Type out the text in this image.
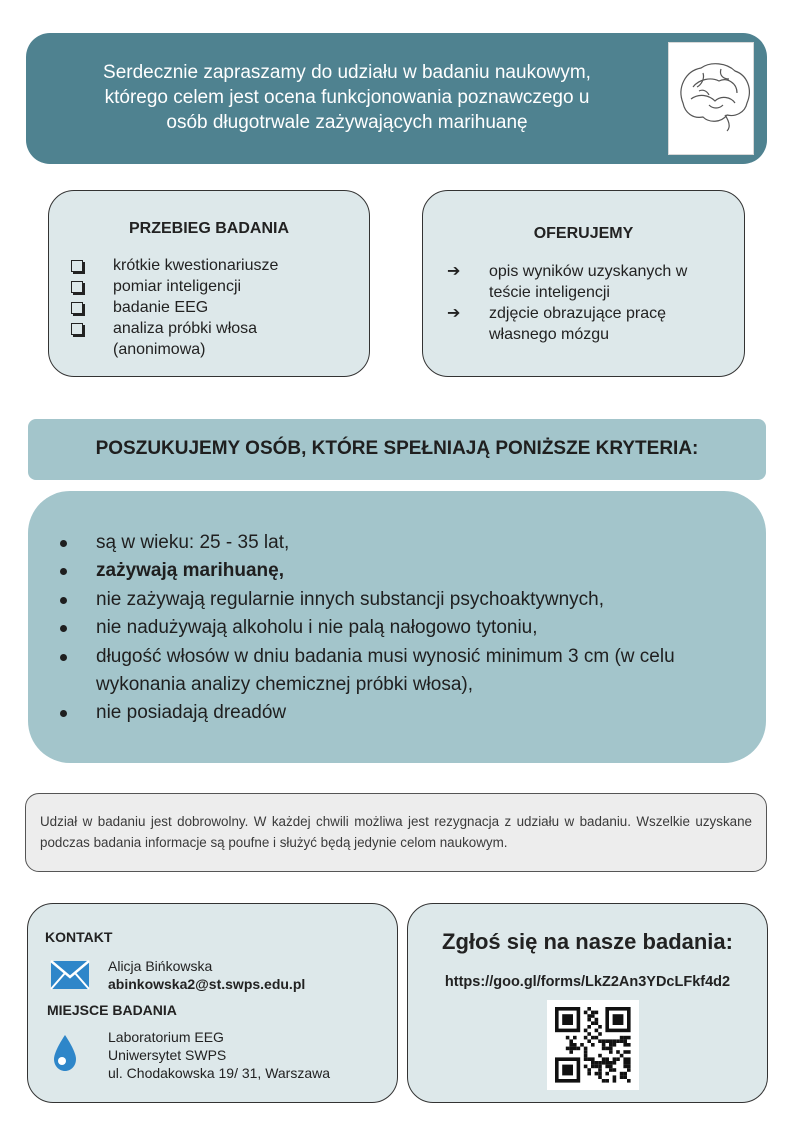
Serdecznie zapraszamy do udziału w badaniu naukowym,
którego celem jest ocena funkcjonowania poznawczego u
osób długotrwale zażywających marihuanę
PRZEBIEG BADANIA
krótkie kwestionariusze
pomiar inteligencji
badanie EEG
analiza próbki włosa (anonimowa)
OFERUJEMY
➔	opis wyników uzyskanych w teście inteligencji
➔	zdjęcie obrazujące pracę własnego mózgu
POSZUKUJEMY OSÓB, KTÓRE SPEŁNIAJĄ PONIŻSZE KRYTERIA:
są w wieku: 25 - 35 lat,
zażywają marihuanę,
nie zażywają regularnie innych substancji psychoaktywnych,
nie nadużywają alkoholu i nie palą nałogowo tytoniu,
długość włosów w dniu badania musi wynosić minimum 3 cm (w celu wykonania analizy chemicznej próbki włosa),
nie posiadają dreadów
Udział w badaniu jest dobrowolny. W każdej chwili możliwa jest rezygnacja z udziału w badaniu. Wszelkie uzyskane podczas badania informacje są poufne i służyć będą jedynie celom naukowym.
KONTAKT
Alicja Bińkowska
abinkowska2@st.swps.edu.pl
MIEJSCE BADANIA
Laboratorium EEG
Uniwersytet SWPS
ul. Chodakowska 19/ 31, Warszawa
Zgłoś się na nasze badania:
https://goo.gl/forms/LkZ2An3YDcLFkf4d2
